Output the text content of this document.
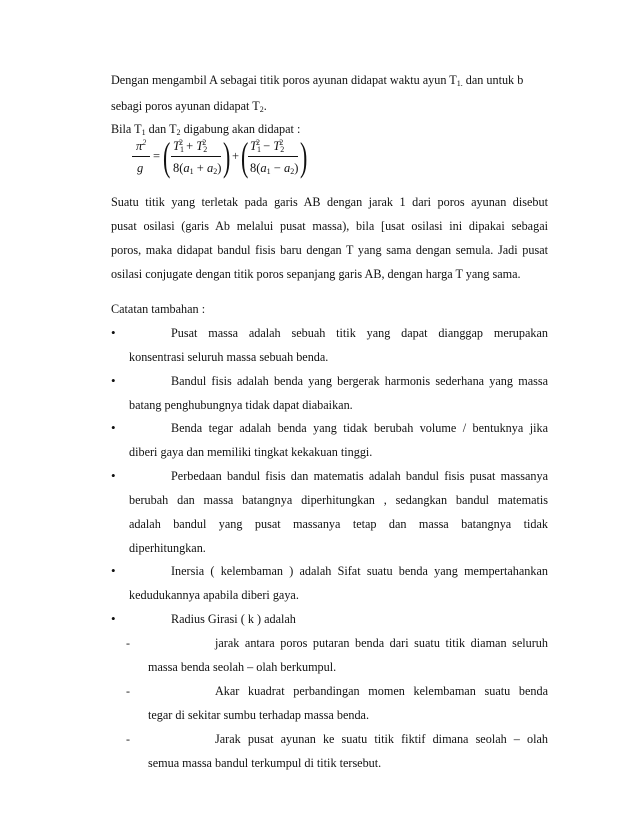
Dengan mengambil A sebagai titik poros ayunan didapat waktu ayun $T_{1.}$ dan untuk b
sebagi poros ayunan didapat $T_2$.
Bila $T_1$ dan $T_2$ digabung akan didapat :
$\pi^2$
g
= ( $T_1^2 + T_2^2$
$8(a_1 + a_2)$ ) + ( $T_1^2 - T_2^2$
$8(a_1 - a_2)$ )
Suatu titik yang terletak pada garis AB dengan jarak 1 dari poros ayunan disebut
pusat osilasi (garis Ab melalui pusat massa), bila [usat osilasi ini dipakai sebagai
poros, maka didapat bandul fisis baru dengan T yang sama dengan semula. Jadi pusat
osilasi conjugate dengan titik poros sepanjang garis AB, dengan harga T yang sama.
Catatan tambahan :
•	Pusat massa adalah sebuah titik yang dapat dianggap merupakan
konsentrasi seluruh massa sebuah benda.
•	Bandul fisis adalah benda yang bergerak harmonis sederhana yang massa
batang penghubungnya tidak dapat diabaikan.
•	Benda tegar adalah benda yang tidak berubah volume / bentuknya jika
diberi gaya dan memiliki tingkat kekakuan tinggi.
•	Perbedaan bandul fisis dan matematis adalah bandul fisis pusat massanya
berubah dan massa batangnya diperhitungkan , sedangkan bandul matematis
adalah bandul yang pusat massanya tetap dan massa batangnya tidak
diperhitungkan.
•	Inersia ( kelembaman ) adalah Sifat suatu benda yang mempertahankan
kedudukannya apabila diberi gaya.
•	Radius Girasi ( k ) adalah
-	jarak antara poros putaran benda dari suatu titik diaman seluruh
massa benda seolah – olah berkumpul.
-	Akar kuadrat perbandingan momen kelembaman suatu benda
tegar di sekitar sumbu terhadap massa benda.
-	Jarak pusat ayunan ke suatu titik fiktif dimana seolah – olah
semua massa bandul terkumpul di titik tersebut.
